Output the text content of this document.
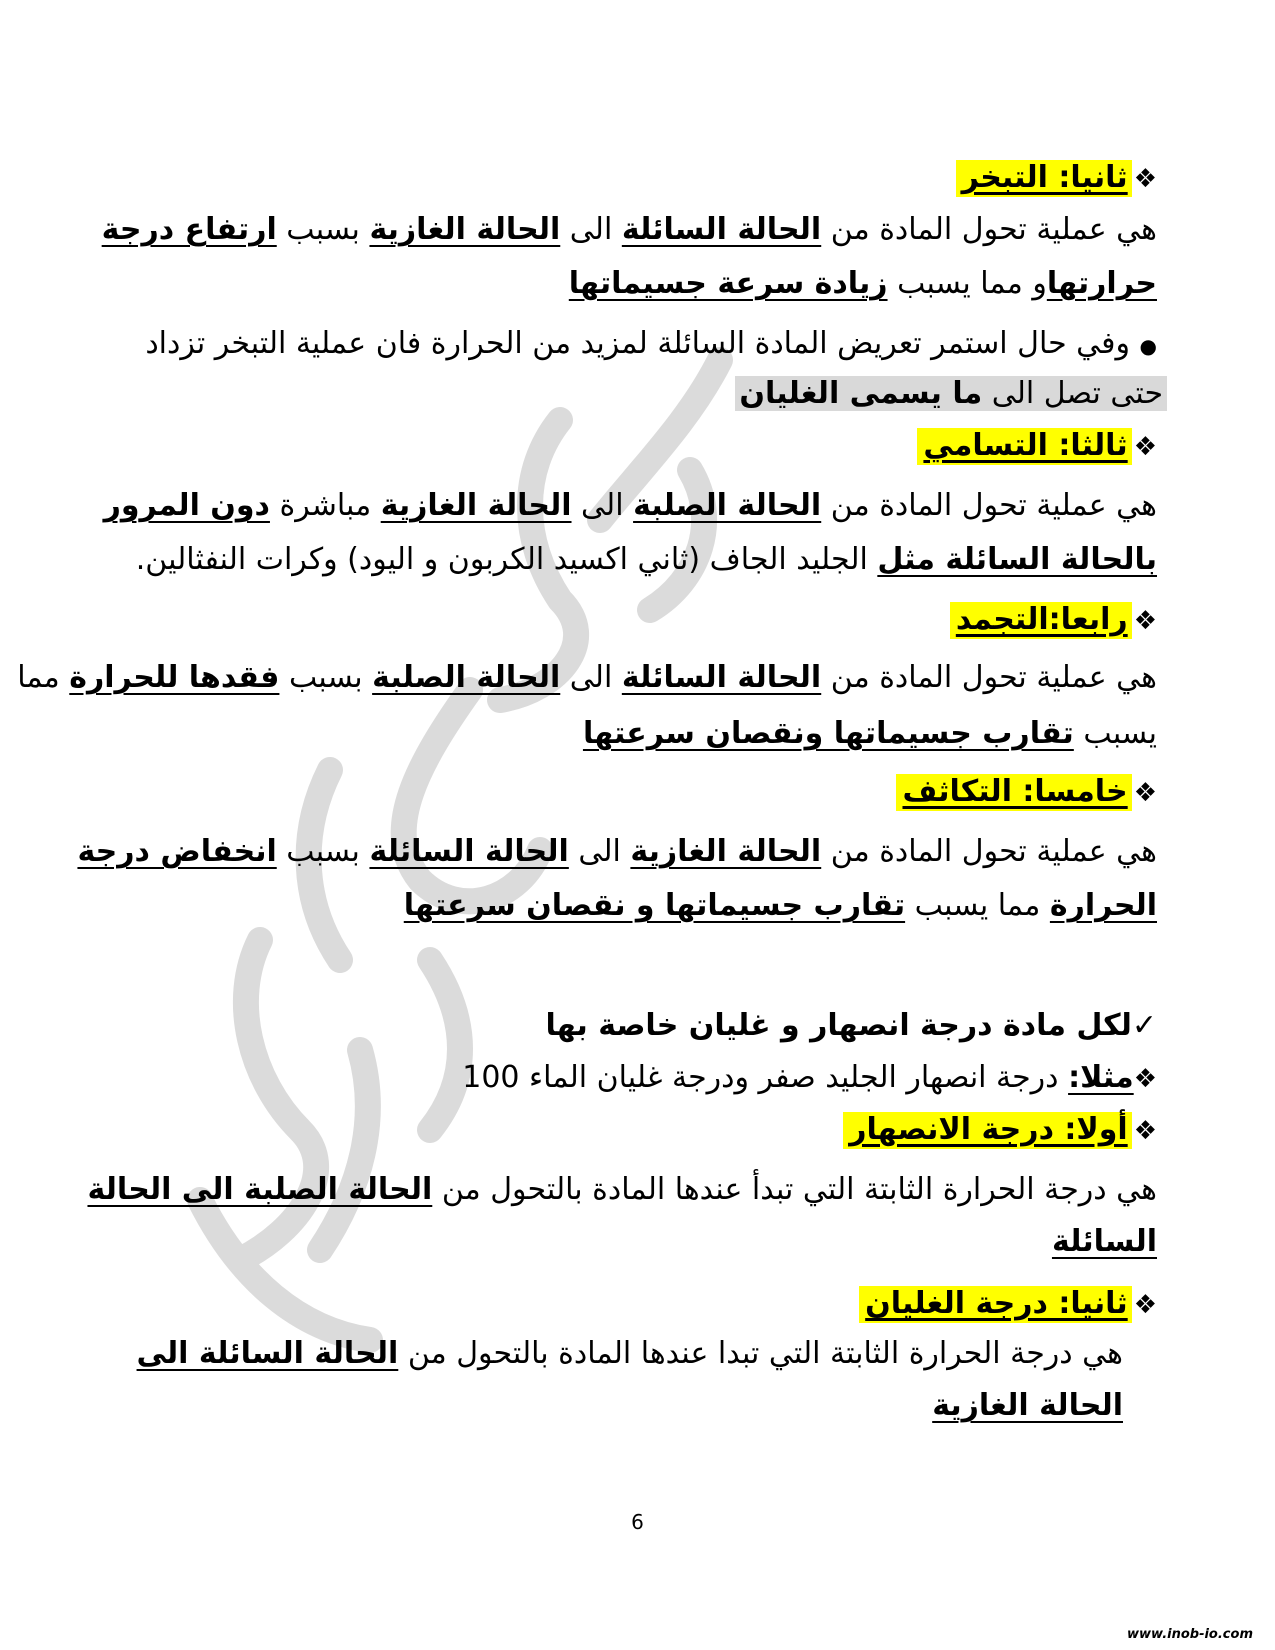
❖ثانيا: التبخر
هي عملية تحول المادة من الحالة السائلة الى الحالة الغازية بسبب ارتفاع درجة
حرارتهاو مما يسبب زيادة سرعة جسيماتها
● وفي حال استمر تعريض المادة السائلة لمزيد من الحرارة فان عملية التبخر تزداد
حتى تصل الى ما يسمى الغليان
❖ثالثا: التسامي
هي عملية تحول المادة من الحالة الصلبة الى الحالة الغازية مباشرة دون المرور
بالحالة السائلة مثل الجليد الجاف (ثاني اكسيد الكربون و اليود) وكرات النفثالين.
❖رابعا:التجمد
هي عملية تحول المادة من الحالة السائلة الى الحالة الصلبة بسبب فقدها للحرارة مما
يسبب تقارب جسيماتها ونقصان سرعتها
❖خامسا: التكاثف
هي عملية تحول المادة من الحالة الغازية الى الحالة السائلة بسبب انخفاض درجة
الحرارة مما يسبب تقارب جسيماتها و نقصان سرعتها
✓لكل مادة درجة انصهار و غليان خاصة بها
❖مثلا: درجة انصهار الجليد صفر ودرجة غليان الماء 100
❖أولا: درجة الانصهار
هي درجة الحرارة الثابتة التي تبدأ عندها المادة بالتحول من الحالة الصلبة الى الحالة
السائلة
❖ثانيا: درجة الغليان
هي درجة الحرارة الثابتة التي تبدا عندها المادة بالتحول من الحالة السائلة الى
الحالة الغازية
6
www.inob-io.com
